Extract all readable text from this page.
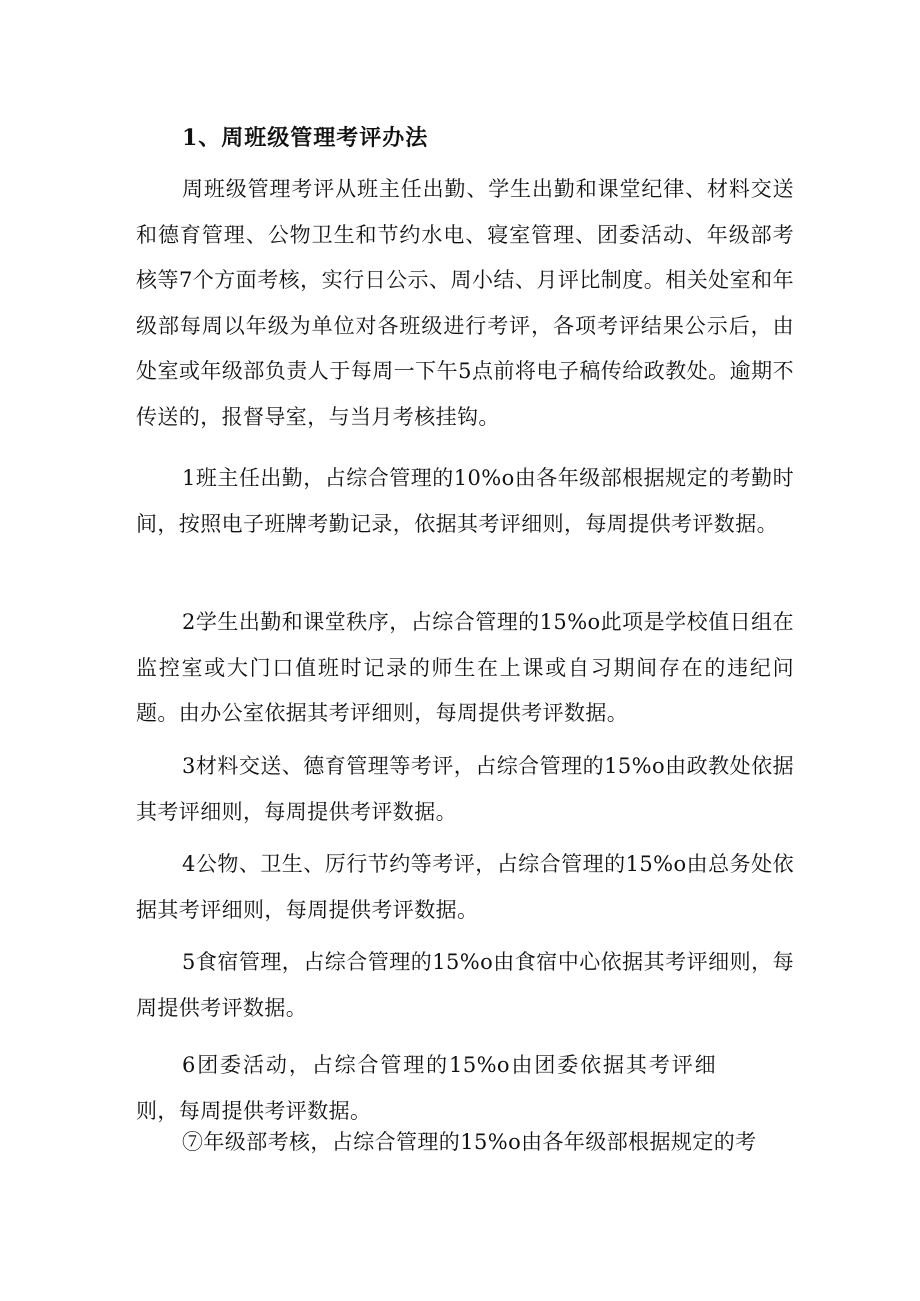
1、周班级管理考评办法

周班级管理考评从班主任出勤、学生出勤和课堂纪律、材料交送和德育管理、公物卫生和节约水电、寝室管理、团委活动、年级部考核等7个方面考核，实行日公示、周小结、月评比制度。相关处室和年级部每周以年级为单位对各班级进行考评，各项考评结果公示后，由处室或年级部负责人于每周一下午5点前将电子稿传给政教处。逾期不传送的，报督导室，与当月考核挂钩。

1班主任出勤，占综合管理的10%o由各年级部根据规定的考勤时间，按照电子班牌考勤记录，依据其考评细则，每周提供考评数据。

2学生出勤和课堂秩序，占综合管理的15%o此项是学校值日组在监控室或大门口值班时记录的师生在上课或自习期间存在的违纪问题。由办公室依据其考评细则，每周提供考评数据。

3材料交送、德育管理等考评，占综合管理的15%o由政教处依据其考评细则，每周提供考评数据。

4公物、卫生、厉行节约等考评，占综合管理的15%o由总务处依据其考评细则，每周提供考评数据。

5食宿管理，占综合管理的15%o由食宿中心依据其考评细则，每周提供考评数据。

6团委活动，占综合管理的15%o由团委依据其考评细则，每周提供考评数据。

⑦年级部考核，占综合管理的15%o由各年级部根据规定的考
